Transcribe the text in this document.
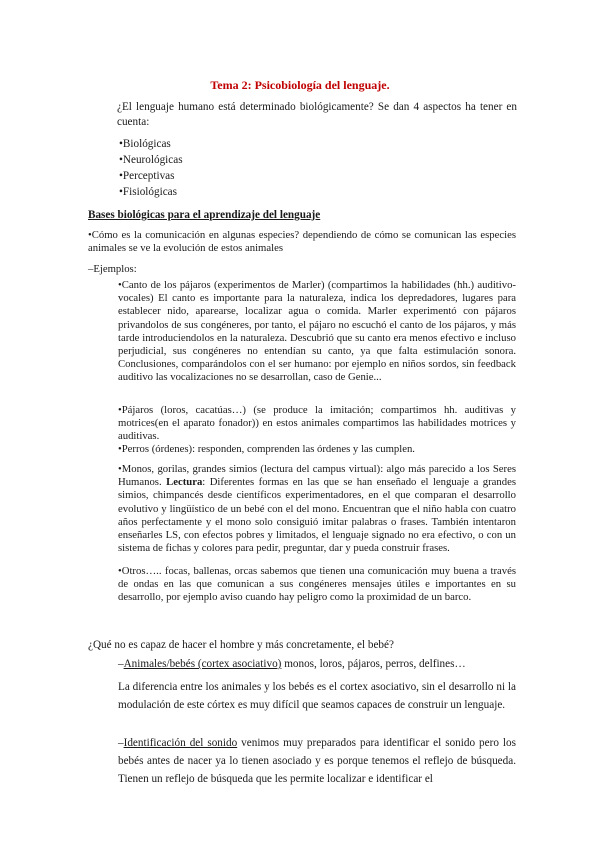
Tema 2: Psicobiología del lenguaje.

¿El lenguaje humano está determinado biológicamente? Se dan 4 aspectos ha tener en cuenta:

•Biológicas
•Neurológicas
•Perceptivas
•Fisiológicas

Bases biológicas para el aprendizaje del lenguaje

•Cómo es la comunicación en algunas especies? dependiendo de cómo se comunican las especies animales se ve la evolución de estos animales

–Ejemplos:

•Canto de los pájaros (experimentos de Marler) (compartimos la habilidades (hh.) auditivo-vocales) El canto es importante para la naturaleza, indica los depredadores, lugares para establecer nido, aparearse, localizar agua o comida. Marler experimentó con pájaros privandolos de sus congéneres, por tanto, el pájaro no escuchó el canto de los pájaros, y más tarde introduciendolos en la naturaleza. Descubrió que su canto era menos efectivo e incluso perjudicial, sus congéneres no entendían su canto, ya que falta estimulación sonora. Conclusiones, comparándolos con el ser humano: por ejemplo en niños sordos, sin feedback auditivo las vocalizaciones no se desarrollan, caso de Genie...

•Pájaros (loros, cacatúas…) (se produce la imitación; compartimos hh. auditivas y motrices(en el aparato fonador)) en estos animales compartimos las habilidades motrices y auditivas.

•Perros (órdenes): responden, comprenden las órdenes y las cumplen.

•Monos, gorilas, grandes simios (lectura del campus virtual): algo más parecido a los Seres Humanos. Lectura: Diferentes formas en las que se han enseñado el lenguaje a grandes simios, chimpancés desde científicos experimentadores, en el que comparan el desarrollo evolutivo y lingüístico de un bebé con el del mono. Encuentran que el niño habla con cuatro años perfectamente y el mono solo consiguió imitar palabras o frases. También intentaron enseñarles LS, con efectos pobres y limitados, el lenguaje signado no era efectivo, o con un sistema de fichas y colores para pedir, preguntar, dar y pueda construir frases.

•Otros….. focas, ballenas, orcas sabemos que tienen una comunicación muy buena a través de ondas en las que comunican a sus congéneres mensajes útiles e importantes en su desarrollo, por ejemplo aviso cuando hay peligro como la proximidad de un barco.

¿Qué no es capaz de hacer el hombre y más concretamente, el bebé?

–Animales/bebés (cortex asociativo) monos, loros, pájaros, perros, delfines…

La diferencia entre los animales y los bebés es el cortex asociativo, sin el desarrollo ni la modulación de este córtex es muy difícil que seamos capaces de construir un lenguaje.

–Identificación del sonido venimos muy preparados para identificar el sonido pero los bebés antes de nacer ya lo tienen asociado y es porque tenemos el reflejo de búsqueda. Tienen un reflejo de búsqueda que les permite localizar e identificar el
